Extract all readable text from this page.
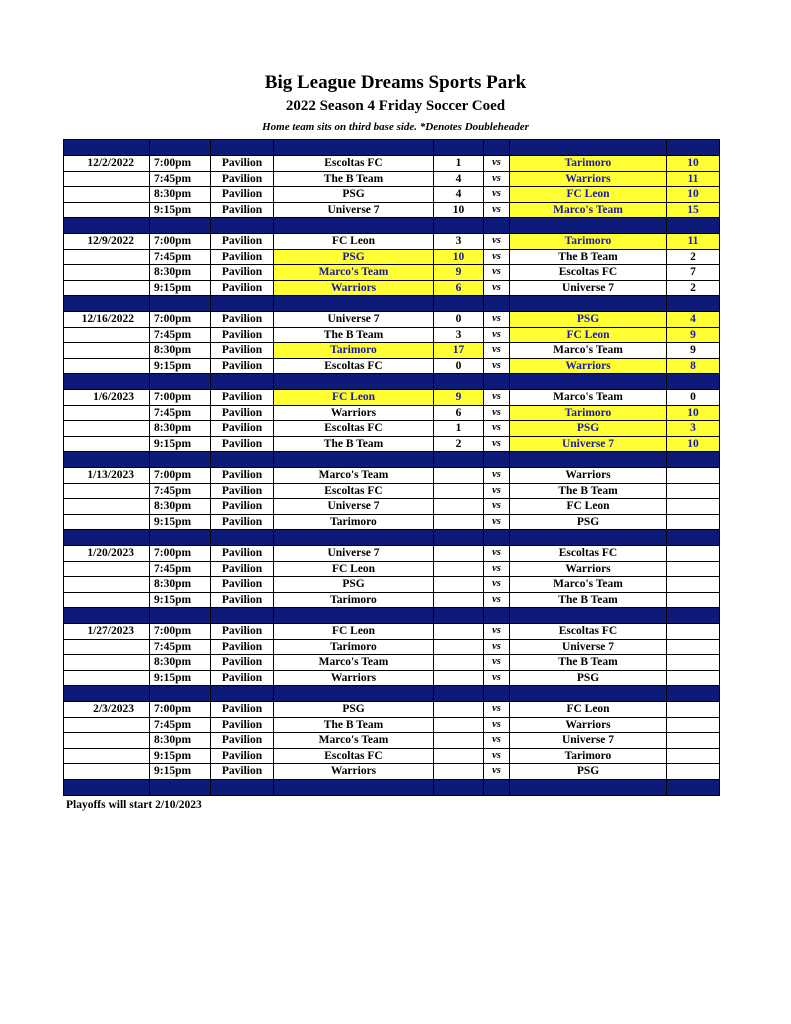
Big League Dreams Sports Park
2022 Season 4 Friday Soccer Coed
Home team sits on third base side. *Denotes Doubleheader

12/2/2022	7:00pm	Pavilion	Escoltas FC	1	vs	Tarimoro	10
	7:45pm	Pavilion	The B Team	4	vs	Warriors	11
	8:30pm	Pavilion	PSG	4	vs	FC Leon	10
	9:15pm	Pavilion	Universe 7	10	vs	Marco's Team	15

12/9/2022	7:00pm	Pavilion	FC Leon	3	vs	Tarimoro	11
	7:45pm	Pavilion	PSG	10	vs	The B Team	2
	8:30pm	Pavilion	Marco's Team	9	vs	Escoltas FC	7
	9:15pm	Pavilion	Warriors	6	vs	Universe 7	2

12/16/2022	7:00pm	Pavilion	Universe 7	0	vs	PSG	4
	7:45pm	Pavilion	The B Team	3	vs	FC Leon	9
	8:30pm	Pavilion	Tarimoro	17	vs	Marco's Team	9
	9:15pm	Pavilion	Escoltas FC	0	vs	Warriors	8

1/6/2023	7:00pm	Pavilion	FC Leon	9	vs	Marco's Team	0
	7:45pm	Pavilion	Warriors	6	vs	Tarimoro	10
	8:30pm	Pavilion	Escoltas FC	1	vs	PSG	3
	9:15pm	Pavilion	The B Team	2	vs	Universe 7	10

1/13/2023	7:00pm	Pavilion	Marco's Team		vs	Warriors	
	7:45pm	Pavilion	Escoltas FC		vs	The B Team	
	8:30pm	Pavilion	Universe 7		vs	FC Leon	
	9:15pm	Pavilion	Tarimoro		vs	PSG	

1/20/2023	7:00pm	Pavilion	Universe 7		vs	Escoltas FC	
	7:45pm	Pavilion	FC Leon		vs	Warriors	
	8:30pm	Pavilion	PSG		vs	Marco's Team	
	9:15pm	Pavilion	Tarimoro		vs	The B Team	

1/27/2023	7:00pm	Pavilion	FC Leon		vs	Escoltas FC	
	7:45pm	Pavilion	Tarimoro		vs	Universe 7	
	8:30pm	Pavilion	Marco's Team		vs	The B Team	
	9:15pm	Pavilion	Warriors		vs	PSG	

2/3/2023	7:00pm	Pavilion	PSG		vs	FC Leon	
	7:45pm	Pavilion	The B Team		vs	Warriors	
	8:30pm	Pavilion	Marco's Team		vs	Universe 7	
	9:15pm	Pavilion	Escoltas FC		vs	Tarimoro	
	9:15pm	Pavilion	Warriors		vs	PSG	

Playoffs will start 2/10/2023
